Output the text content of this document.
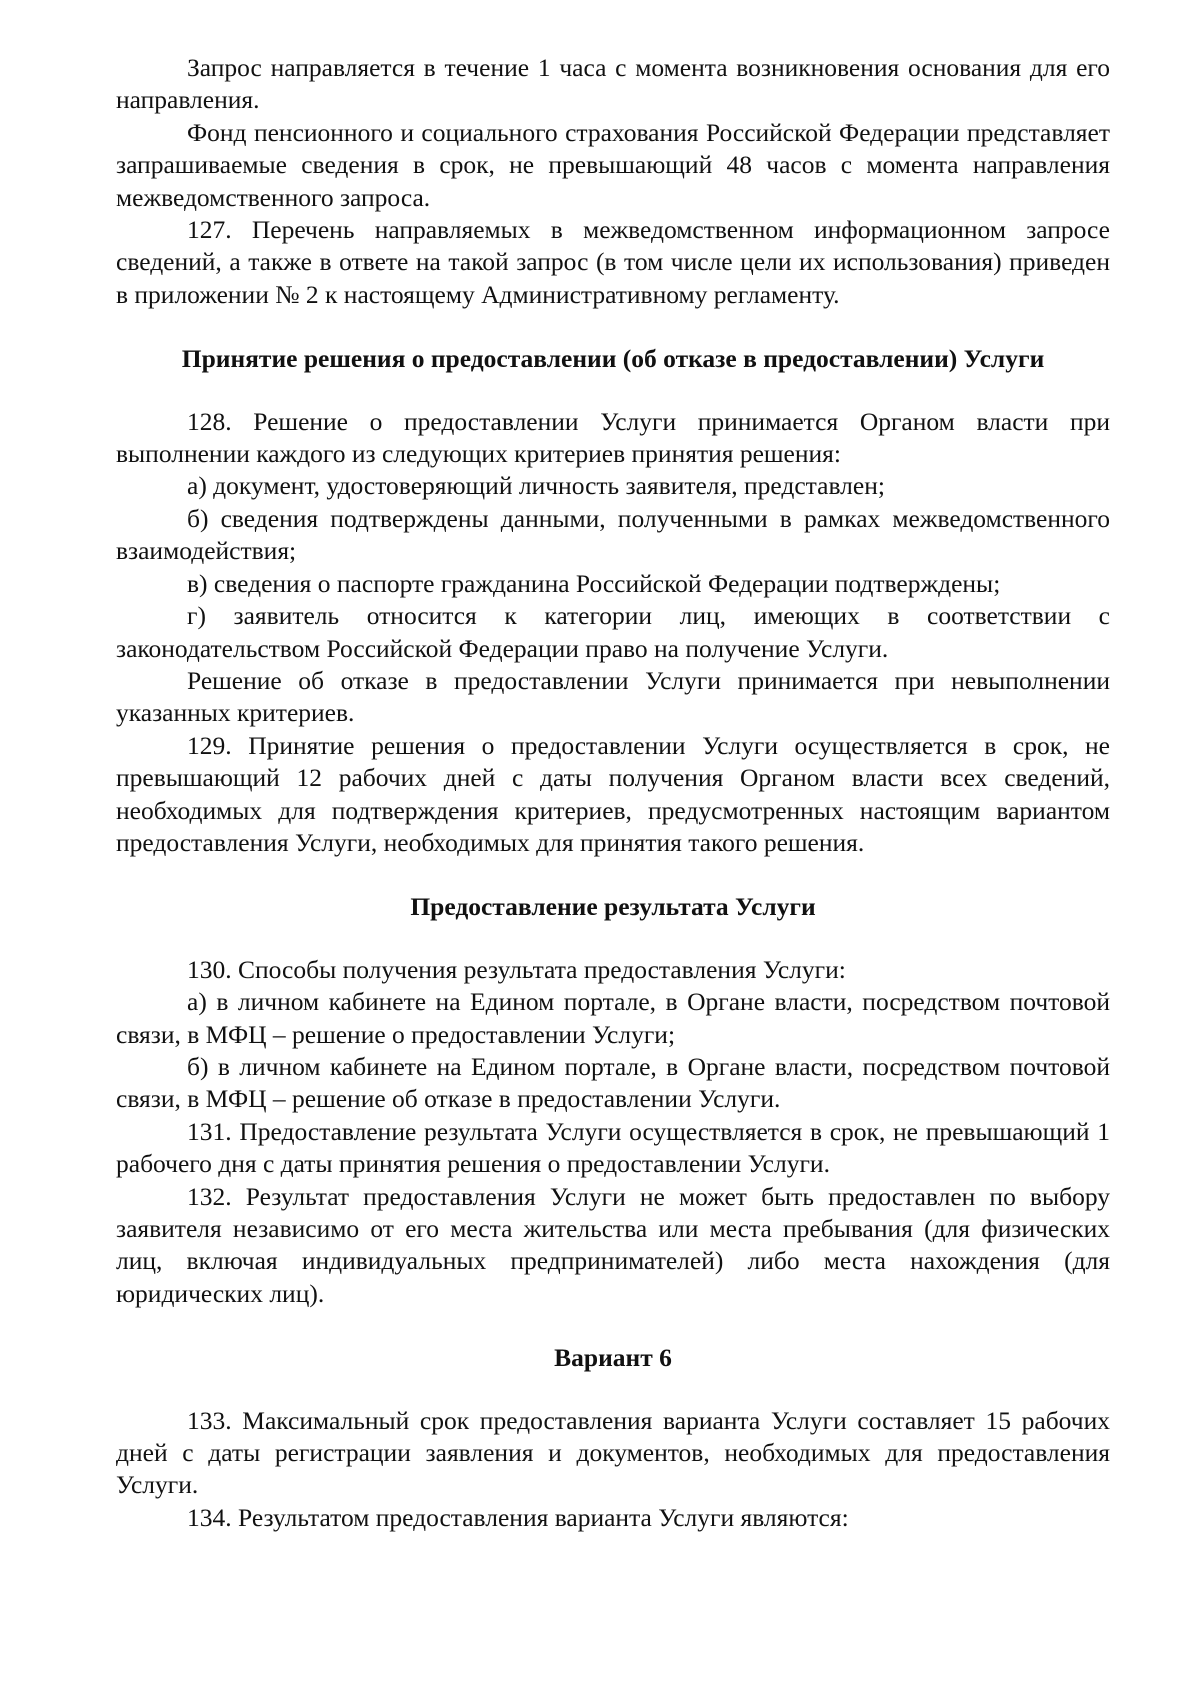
Запрос направляется в течение 1 часа с момента возникновения основания для его направления.

Фонд пенсионного и социального страхования Российской Федерации представляет запрашиваемые сведения в срок, не превышающий 48 часов с момента направления межведомственного запроса.

127. Перечень направляемых в межведомственном информационном запросе сведений, а также в ответе на такой запрос (в том числе цели их использования) приведен в приложении № 2 к настоящему Административному регламенту.

Принятие решения о предоставлении (об отказе в предоставлении) Услуги

128. Решение о предоставлении Услуги принимается Органом власти при выполнении каждого из следующих критериев принятия решения:

а) документ, удостоверяющий личность заявителя, представлен;

б) сведения подтверждены данными, полученными в рамках межведомственного взаимодействия;

в) сведения о паспорте гражданина Российской Федерации подтверждены;

г) заявитель относится к категории лиц, имеющих в соответствии с законодательством Российской Федерации право на получение Услуги.

Решение об отказе в предоставлении Услуги принимается при невыполнении указанных критериев.

129. Принятие решения о предоставлении Услуги осуществляется в срок, не превышающий 12 рабочих дней с даты получения Органом власти всех сведений, необходимых для подтверждения критериев, предусмотренных настоящим вариантом предоставления Услуги, необходимых для принятия такого решения.

Предоставление результата Услуги

130. Способы получения результата предоставления Услуги:

а) в личном кабинете на Едином портале, в Органе власти, посредством почтовой связи, в МФЦ – решение о предоставлении Услуги;

б) в личном кабинете на Едином портале, в Органе власти, посредством почтовой связи, в МФЦ – решение об отказе в предоставлении Услуги.

131. Предоставление результата Услуги осуществляется в срок, не превышающий 1 рабочего дня с даты принятия решения о предоставлении Услуги.

132. Результат предоставления Услуги не может быть предоставлен по выбору заявителя независимо от его места жительства или места пребывания (для физических лиц, включая индивидуальных предпринимателей) либо места нахождения (для юридических лиц).

Вариант 6

133. Максимальный срок предоставления варианта Услуги составляет 15 рабочих дней с даты регистрации заявления и документов, необходимых для предоставления Услуги.

134. Результатом предоставления варианта Услуги являются:
